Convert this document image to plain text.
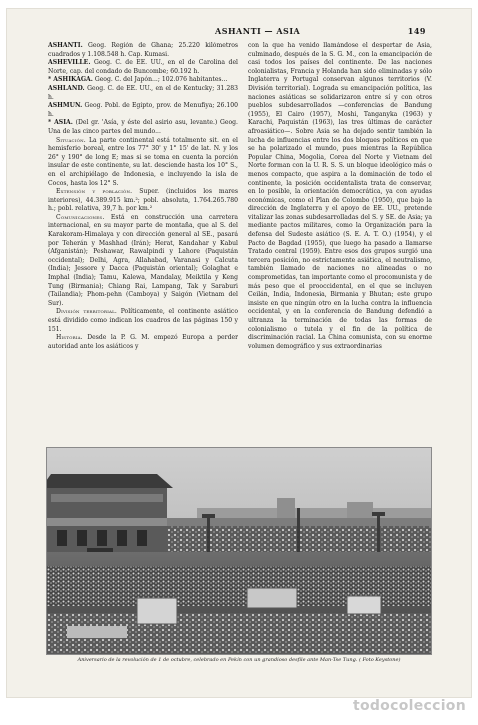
ASHANTI — ASIA	149

ASHANTI. Geog. Región de Ghana; 25.220 kilómetros cuadrados y 1.108.548 h. Cap. Kumasi.

ASHEVILLE. Geog. C. de EE. UU., en el de Carolina del Norte, cap. del condado de Buncombe; 60.192 h.

* ASHIKAGA. Geog. C. del Japón...; 102.076 habitantes...

ASHLAND. Geog. C. de EE. UU., en el de Kentucky; 31.283 h.

ASHMUN. Geog. Pobl. de Egipto, prov. de Menufiya; 26.100 h.

* ASIA. (Del gr. 'Asía, y éste del asirio asu, levante.) Geog. Una de las cinco partes del mundo...

Situación. La parte continental está totalmente sit. en el hemisferio boreal, entre los 77° 30' y 1° 15' de lat. N. y los 26° y 190° de long E; mas si se toma en cuenta la porción insular de este continente, su lat. desciende hasta los 10° S., en el archipiélago de Indonesia, e incluyendo la isla de Cocos, hasta los 12° S.

Extensión y población. Super. (incluidos los mares interiores), 44.389.915 km.²; pobl. absoluta, 1.764.265.780 h.; pobl. relativa, 39,7 h. por km.²

Comunicaciones. Está en construcción una carretera internacional, en su mayor parte de montaña, que al S. del Karakoram-Himalaya y con dirección general al SE., pasará por Teherán y Mashhad (Irán); Herat, Kandahar y Kabul (Afganistán); Peshawar, Rawalpindi y Lahore (Paquistán occidental); Delhi, Agra, Allahabad, Varanasi y Calcuta (India); Jessore y Dacca (Paquistán oriental); Golaghat e Imphal (India); Tamu, Kalewa, Mandalay, Meiktila y Keng Tung (Birmania); Chiang Rai, Lampang, Tak y Saraburi (Tailandia); Phom-pehn (Camboya) y Saigón (Vietnam del Sur).

División territorial. Políticamente, el continente asiático está dividido como indican los cuadros de las páginas 150 y 151.

Historia. Desde la P. G. M. empezó Europa a perder autoridad ante los asiáticos y

con la que ha venido llamándose el despertar de Asia, culminado, después de la S. G. M., con la emancipación de casi todos los países del continente. De las naciones colonialistas, Francia y Holanda han sido eliminadas y sólo Inglaterra y Portugal conservan algunos territorios (V. División territorial). Lograda su emancipación política, las naciones asiáticas se solidarizaron entre sí y con otros pueblos subdesarrollados —conferencias de Bandung (1955), El Cairo (1957), Moshi, Tanganyka (1963) y Karachi, Paquistán (1963), las tres últimas de carácter afroasiático—. Sobre Asia se ha dejado sentir también la lucha de influencias entre los dos bloques políticos en que se ha polarizado el mundo, pues mientras la República Popular China, Mogolia, Corea del Norte y Vietnam del Norte forman con la U. R. S. S. un bloque ideológico más o menos compacto, que aspira a la dominación de todo el continente, la posición occidentalista trata de conservar, en lo posible, la orientación democrática, ya con ayudas económicas, como el Plan de Colombo (1950), que bajo la dirección de Inglaterra y el apoyo de EE. UU., pretende vitalizar las zonas subdesarrolladas del S. y SE. de Asia; ya mediante pactos militares, como la Organización para la defensa del Sudeste asiático (S. E. A. T. O.) (1954), y el Pacto de Bagdad (1955), que luego ha pasado a llamarse Tratado central (1959). Entre esos dos grupos surgió una tercera posición, no estrictamente asiática, el neutralismo, también llamado de naciones no alineadas o no comprometidas, tan importante como el procomunista y de más peso que el prooccidental, en el que se incluyen Ceilán, India, Indonesia, Birmania y Bhutan; este grupo insiste en que ningún otro en la lucha contra la influencia occidental, y en la conferencia de Bandung defendió a ultranza la terminación de todas las formas de colonialismo o tutela y el fin de la política de discriminación racial. La China comunista, con su enorme volumen demográfico y sus extraordinarias

Aniversario de la revolución de 1 de octubre, celebrado en Pekín con un grandioso desfile ante Man-Tse Tung. ( Foto Keystone)
todocoleccion
